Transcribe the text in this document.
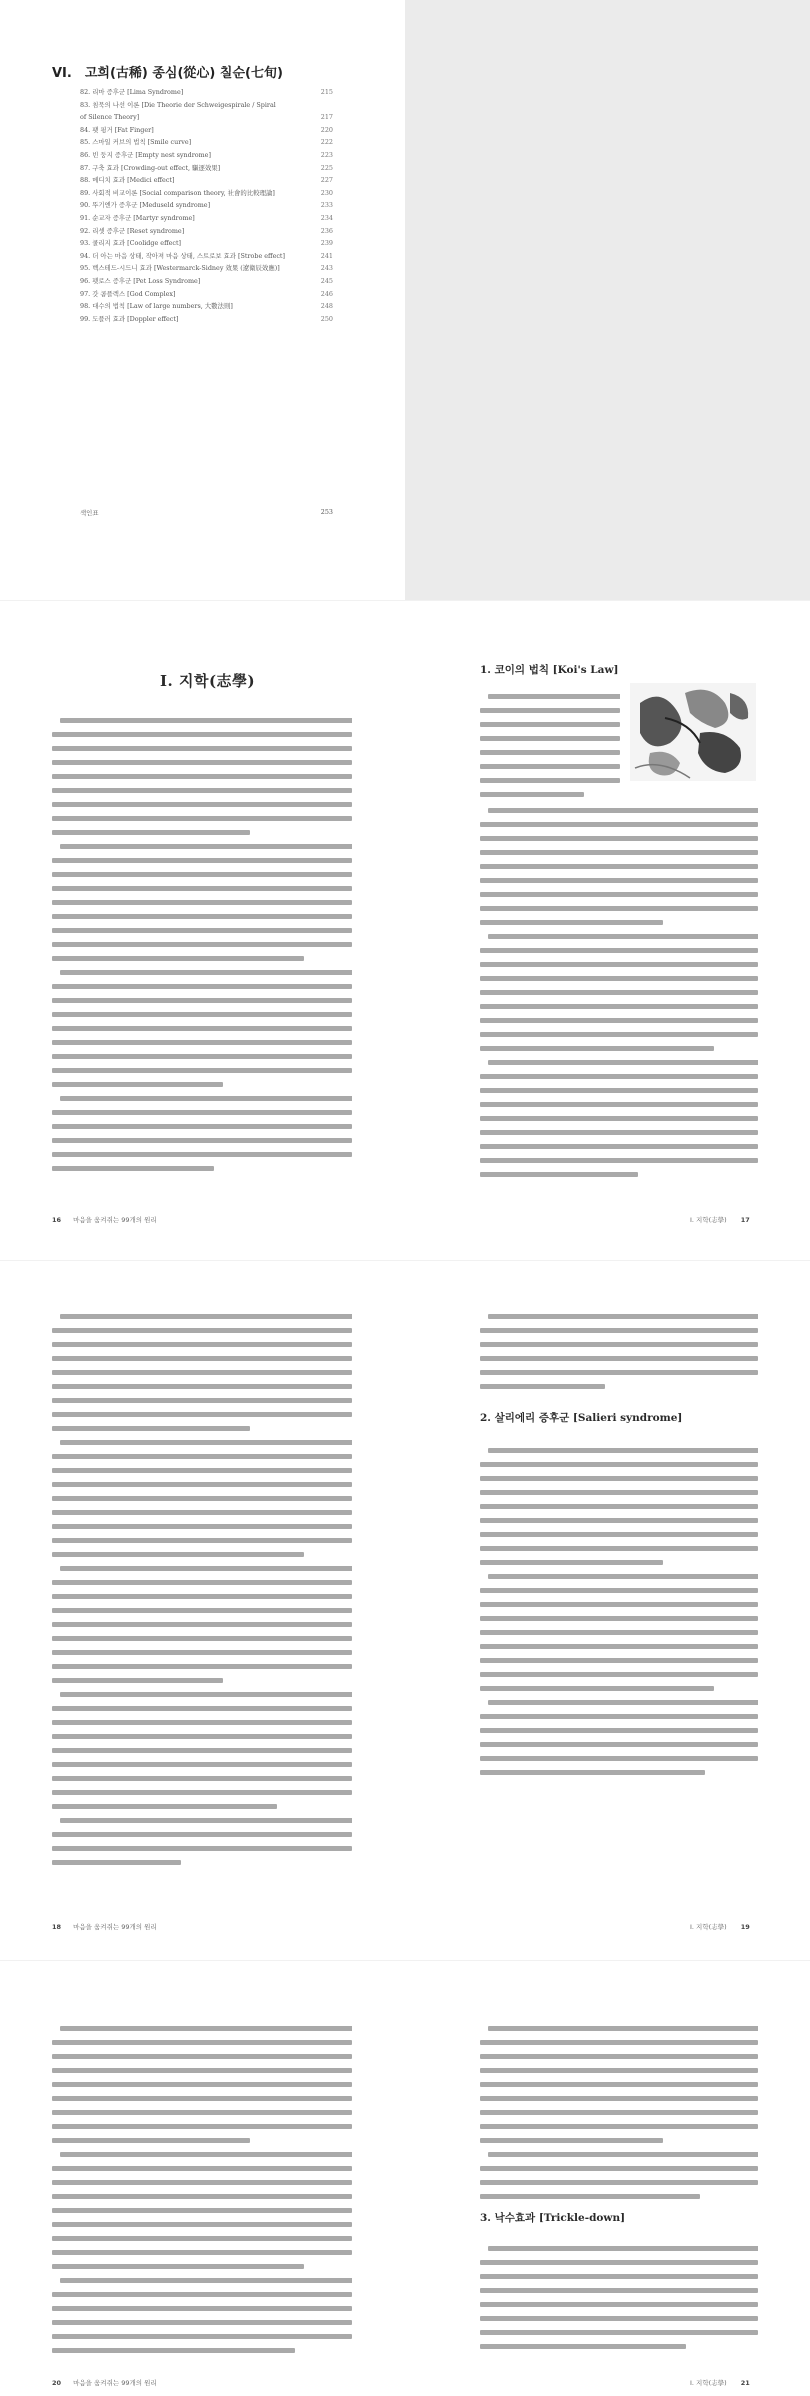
VI.　고희(古稀) 종심(從心) 칠순(七旬)
82. 리마 증후군 [Lima Syndrome]	215
83. 침묵의 나선 이론 [Die Theorie der Schweigespirale / Spiral
of Silence Theory]	217
84. 팻 핑거 [Fat Finger]	220
85. 스마일 커브의 법칙 [Smile curve]	222
86. 빈 둥지 증후군 [Empty nest syndrome]	223
87. 구축 효과 [Crowding-out effect, 驅逐效果]	225
88. 메디치 효과 [Medici effect]	227
89. 사회적 비교이론 [Social comparison theory, 社會的比較理論]	230
90. 뚜기엔가 증후군 [Meduseld syndrome]	233
91. 순교자 증후군 [Martyr syndrome]	234
92. 리셋 증후군 [Reset syndrome]	236
93. 쿨리지 효과 [Coolidge effect]	239
94. 더 아는 마음 상태, 작아져 마음 상태, 스트로보 효과 [Strobe effect]	241
95. 벡스테드-시드니 효과 [Westermarck-Sidney 效果 (遼衛辰效應)]	243
96. 펫로스 증후군 [Pet Loss Syndrome]	245
97. 갓 콤플렉스 [God Complex]	246
98. 대수의 법칙 [Law of large numbers, 大數法則]	248
99. 도플러 효과 [Doppler effect]	250
색인표	253
Ⅰ. 지학(志學)
1. 코이의 법칙 [Koi's Law]
16 마음을 움켜쥐는 99개의 원리	Ⅰ. 지학(志學) 17
2. 살리에리 증후군 [Salieri syndrome]
18 마음을 움켜쥐는 99개의 원리	Ⅰ. 지학(志學) 19
3. 낙수효과 [Trickle-down]
20 마음을 움켜쥐는 99개의 원리	Ⅰ. 지학(志學) 21
